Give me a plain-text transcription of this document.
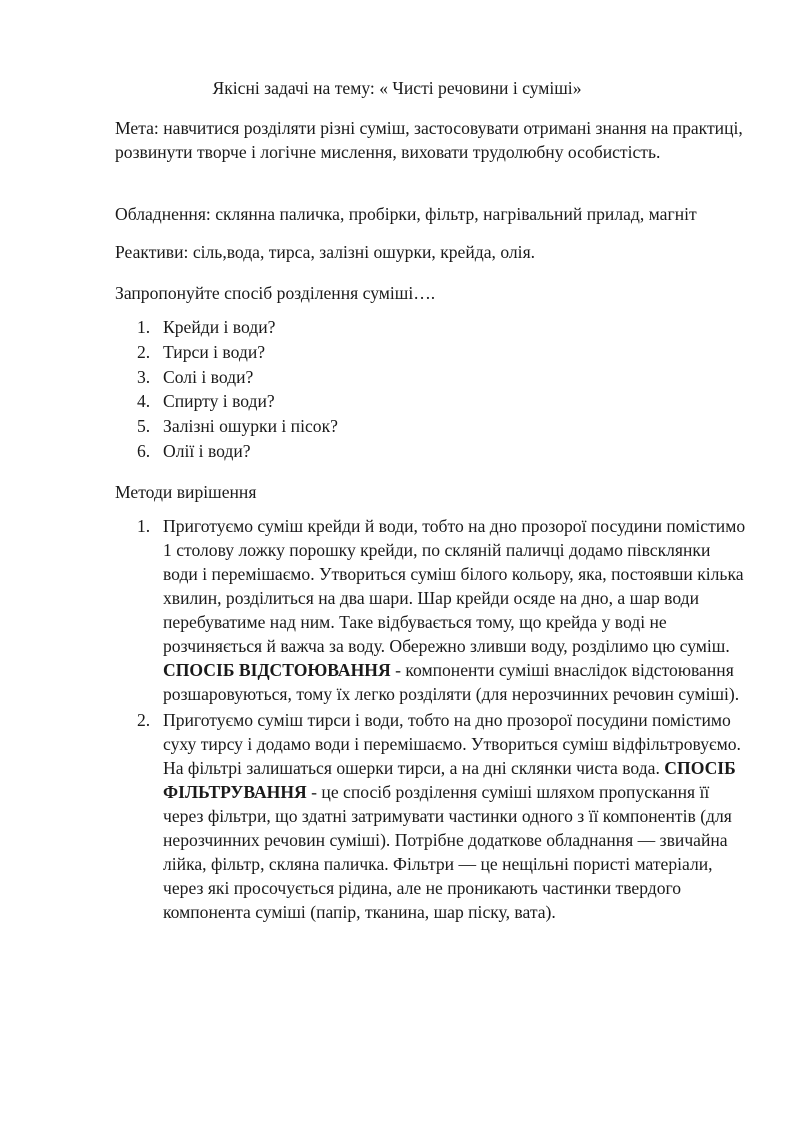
Якісні задачі на тему: « Чисті речовини і суміші»

Мета: навчитися розділяти різні суміш, застосовувати отримані знання на практиці, розвинути творче і логічне мислення, виховати трудолюбну особистість.

Обладнення: склянна паличка, пробірки, фільтр, нагрівальний прилад, магніт

Реактиви: сіль,вода, тирса, залізні ошурки, крейда, олія.

Запропонуйте спосіб розділення суміші….

1. Крейди і води?
2. Тирси і води?
3. Солі і води?
4. Спирту і води?
5. Залізні ошурки і пісок?
6. Олії і води?

Методи вирішення

1. Приготуємо суміш крейди й води, тобто на дно прозорої посудини помістимо 1 столову ложку порошку крейди, по скляній паличці додамо півсклянки води і перемішаємо. Утвориться суміш білого кольору, яка, постоявши кілька хвилин, розділиться на два шари. Шар крейди осяде на дно, а шар води перебуватиме над ним. Таке відбувається тому, що крейда у воді не розчиняється й важча за воду. Обережно зливши воду, розділимо цю суміш. СПОСІБ ВІДСТОЮВАННЯ - компоненти суміші внаслідок відстоювання розшаровуються, тому їх легко розділяти (для нерозчинних речовин суміші).
2. Приготуємо суміш тирси і води, тобто на дно прозорої посудини помістимо суху тирсу і додамо води і перемішаємо. Утвориться суміш відфільтровуємо. На фільтрі залишаться ошерки тирси, а на дні склянки чиста вода. СПОСІБ ФІЛЬТРУВАННЯ - це спосіб розділення суміші шляхом пропускання її через фільтри, що здатні затримувати частинки одного з її компонентів (для нерозчинних речовин суміші). Потрібне додаткове обладнання — звичайна лійка, фільтр, скляна паличка. Фільтри — це нещільні пористі матеріали, через які просочується рідина, але не проникають частинки твердого компонента суміші (папір, тканина, шар піску, вата).
